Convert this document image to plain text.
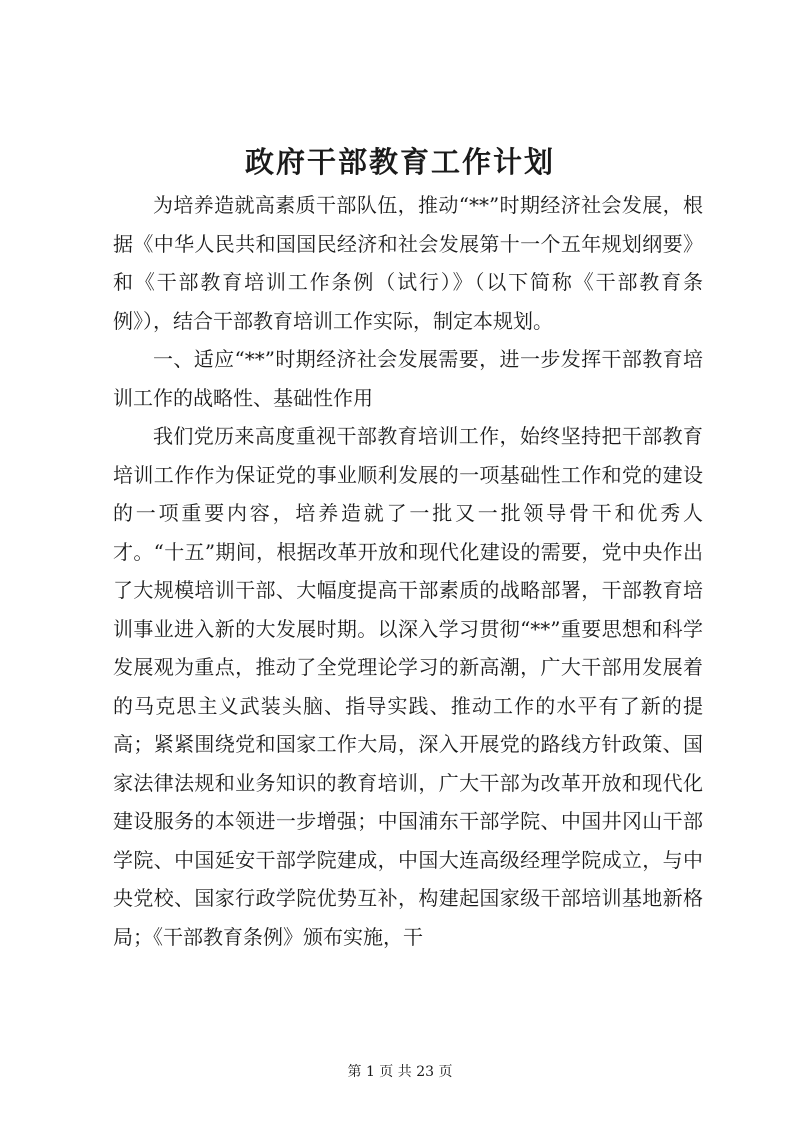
政府干部教育工作计划

为培养造就高素质干部队伍，推动“**”时期经济社会发展，根据《中华人民共和国国民经济和社会发展第十一个五年规划纲要》和《干部教育培训工作条例（试行）》（以下简称《干部教育条例》），结合干部教育培训工作实际，制定本规划。

一、适应“**”时期经济社会发展需要，进一步发挥干部教育培训工作的战略性、基础性作用

我们党历来高度重视干部教育培训工作，始终坚持把干部教育培训工作作为保证党的事业顺利发展的一项基础性工作和党的建设的一项重要内容，培养造就了一批又一批领导骨干和优秀人才。“十五”期间，根据改革开放和现代化建设的需要，党中央作出了大规模培训干部、大幅度提高干部素质的战略部署，干部教育培训事业进入新的大发展时期。以深入学习贯彻“**”重要思想和科学发展观为重点，推动了全党理论学习的新高潮，广大干部用发展着的马克思主义武装头脑、指导实践、推动工作的水平有了新的提高；紧紧围绕党和国家工作大局，深入开展党的路线方针政策、国家法律法规和业务知识的教育培训，广大干部为改革开放和现代化建设服务的本领进一步增强；中国浦东干部学院、中国井冈山干部学院、中国延安干部学院建成，中国大连高级经理学院成立，与中央党校、国家行政学院优势互补，构建起国家级干部培训基地新格局；《干部教育条例》颁布实施，干

第 1 页 共 23 页
